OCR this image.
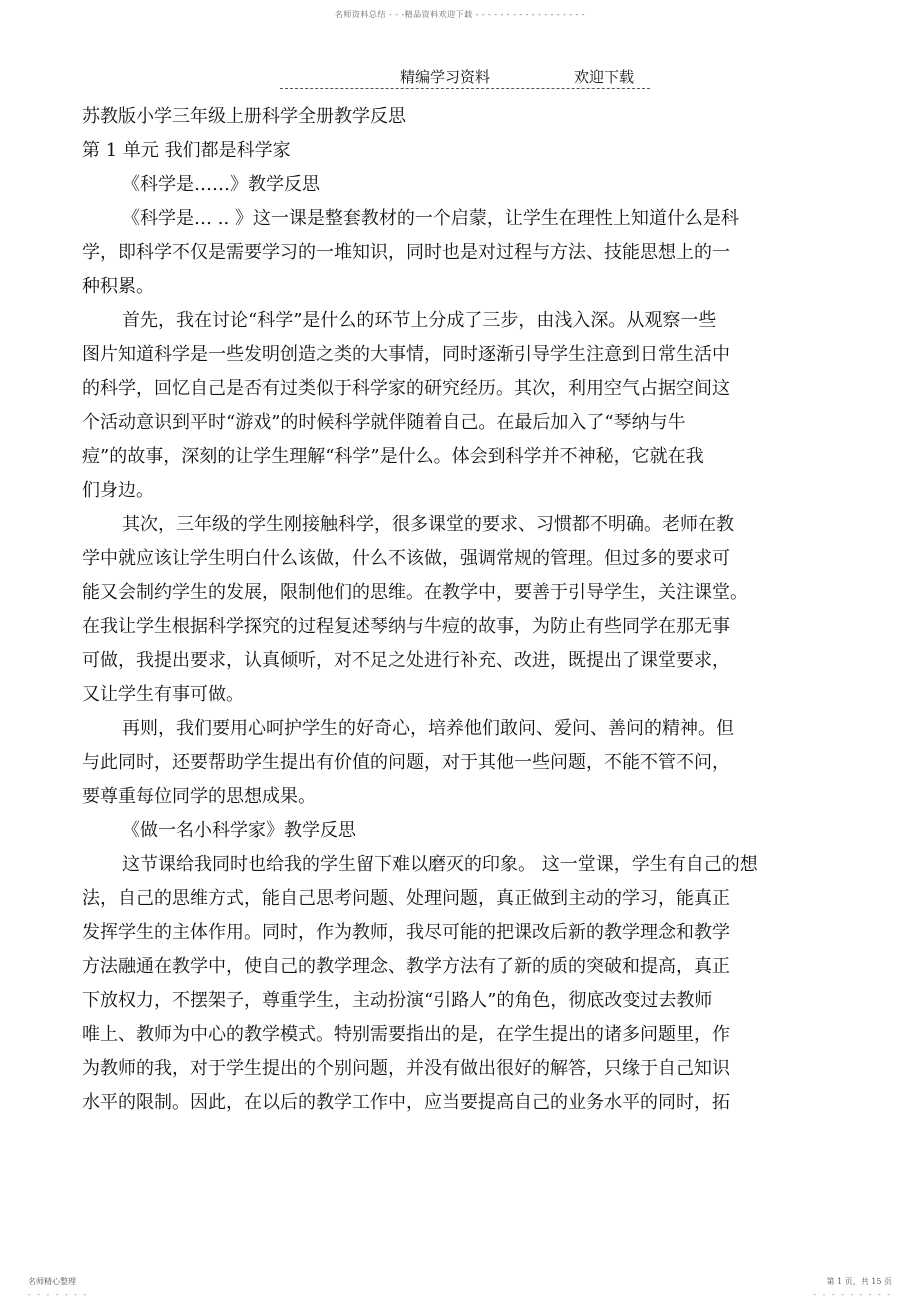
名师资料总结 - - -精品资料欢迎下载 - - - - - - - - - - - - - - - - - -
精编学习资料	欢迎下载

苏教版小学三年级上册科学全册教学反思

第 1 单元 我们都是科学家

《科学是……》教学反思

《科学是… .. 》这一课是整套教材的一个启蒙，让学生在理性上知道什么是科

学，即科学不仅是需要学习的一堆知识，同时也是对过程与方法、技能思想上的一

种积累。

首先，我在讨论“科学”是什么的环节上分成了三步，由浅入深。从观察一些

图片知道科学是一些发明创造之类的大事情，同时逐渐引导学生注意到日常生活中

的科学，回忆自己是否有过类似于科学家的研究经历。其次，利用空气占据空间这

个活动意识到平时“游戏”的时候科学就伴随着自己。在最后加入了“琴纳与牛

痘”的故事，深刻的让学生理解“科学”是什么。体会到科学并不神秘，它就在我

们身边。

其次，三年级的学生刚接触科学，很多课堂的要求、习惯都不明确。老师在教

学中就应该让学生明白什么该做，什么不该做，强调常规的管理。但过多的要求可

能又会制约学生的发展，限制他们的思维。在教学中，要善于引导学生，关注课堂。

在我让学生根据科学探究的过程复述琴纳与牛痘的故事，为防止有些同学在那无事

可做，我提出要求，认真倾听，对不足之处进行补充、改进，既提出了课堂要求，

又让学生有事可做。

再则，我们要用心呵护学生的好奇心，培养他们敢问、爱问、善问的精神。但

与此同时，还要帮助学生提出有价值的问题，对于其他一些问题，不能不管不问，

要尊重每位同学的思想成果。

《做一名小科学家》教学反思

这节课给我同时也给我的学生留下难以磨灭的印象。 这一堂课，学生有自己的想

法，自己的思维方式，能自己思考问题、处理问题，真正做到主动的学习，能真正

发挥学生的主体作用。同时，作为教师，我尽可能的把课改后新的教学理念和教学

方法融通在教学中，使自己的教学理念、教学方法有了新的质的突破和提高，真正

下放权力，不摆架子，尊重学生，主动扮演“引路人”的角色，彻底改变过去教师

唯上、教师为中心的教学模式。特别需要指出的是，在学生提出的诸多问题里，作

为教师的我，对于学生提出的个别问题，并没有做出很好的解答，只缘于自己知识

水平的限制。因此，在以后的教学工作中，应当要提高自己的业务水平的同时，拓

名师精心整理
- - - - - - -
第 1 页，共 15 页
- - - - - - - - -
